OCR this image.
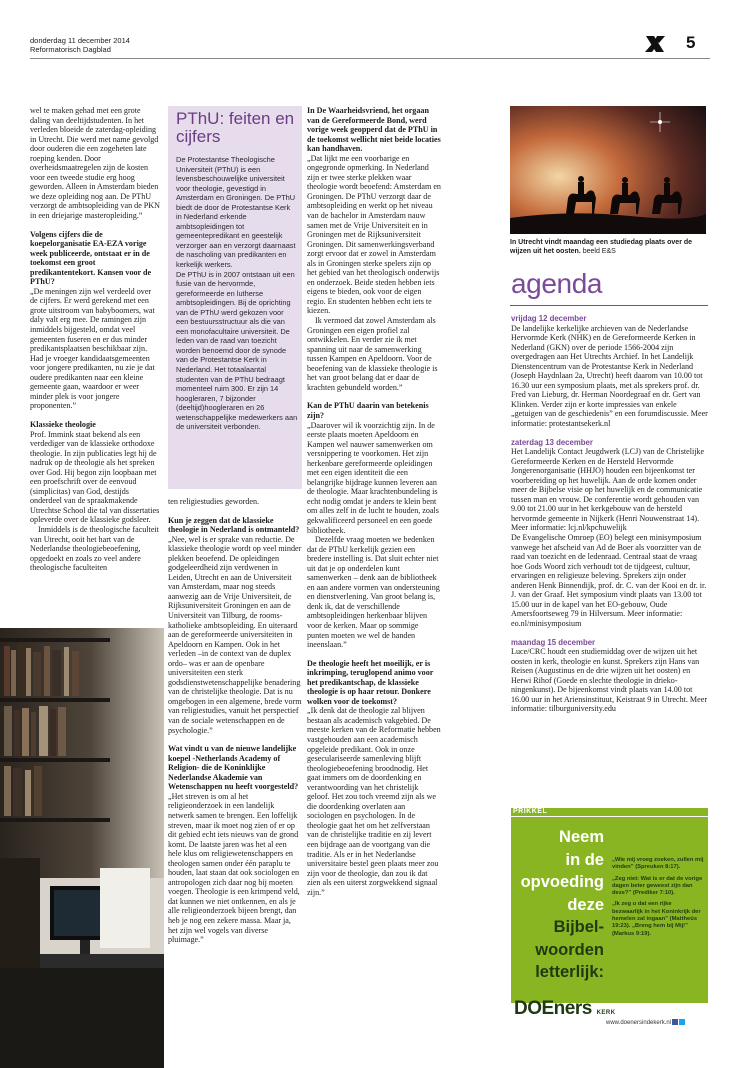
donderdag 11 december 2014
Reformatorisch Dagblad	5

wel te maken gehad met een grote daling van deeltijdstudenten. In het verleden bloeide de zaterdag-opleiding in Utrecht. Die werd met name gevolgd door ouderen die een zogeheten late roeping kenden. Door overheidsmaatregelen zijn de kosten voor een tweede studie erg hoog geworden. Alleen in Amsterdam bieden we deze opleiding nog aan. De PThU verzorgt de ambtsopleiding van de PKN in een driejarige masteropleiding.”

Volgens cijfers die de koepelorganisatie EA-EZA vorige week publiceerde, ontstaat er in de toekomst een groot predikantentekort. Kansen voor de PThU?

„De meningen zijn wel verdeeld over de cijfers. Er werd gerekend met een grote uitstroom van babyboomers, wat daly valt erg mee. De ramingen zijn inmiddels bijgesteld, omdat veel gemeenten fuseren en er dus minder predikantsplaatsen beschikbaar zijn. Had je vroeger kandidaatsgemeenten voor jongere predikanten, nu zie je dat oudere predikanten naar een kleine gemeente gaan, waardoor er weer minder plek is voor jongere proponenten.”

Klassieke theologie

Prof. Immink staat bekend als een verdediger van de klassieke orthodoxe theologie. In zijn publicaties legt hij de nadruk op de theologie als het spreken over God. Hij begon zijn loopbaan met een proefschrift over de eenvoud (simplicitas) van God, destijds onderdeel van de spraakmakende Utrechtse School die tal van dissertaties opleverde over de klassieke godsleer.

Inmiddels is de theologische faculteit van Utrecht, ooit het hart van de Nederlandse theologiebeoefening, opgedoekt en zoals zo veel andere theologische faculteiten

PThU: feiten en cijfers

De Protestantse Theologische Universiteit (PThU) is een levensbeschouwelijke universiteit voor theologie, gevestigd in Amsterdam en Groningen. De PThU biedt de door de Protestantse Kerk in Nederland erkende ambtsopleidingen tot gemeentepredikant en geestelijk verzorger aan en verzorgt daarnaast de nascholing van predikanten en kerkelijk werkers.

De PThU is in 2007 ontstaan uit een fusie van de hervormde, gereformeerde en lutherse ambtsopleidingen. Bij de oprichting van de PThU werd gekozen voor een bestuursstructuur als die van een monofacultaire universiteit. De leden van de raad van toezicht worden benoemd door de synode van de Protestantse Kerk in Nederland. Het totaalaantal studenten van de PThU bedraagt momenteel ruim 300. Er zijn 14 hoogleraren, 7 bijzonder (deeltijd)hoogleraren en 26 wetenschappelijke medewerkers aan de universiteit verbonden.

ten religiestudies geworden.

Kun je zeggen dat de klassieke theologie in Nederland is ontmanteld?

„Nee, wel is er sprake van reductie. De klassieke theologie wordt op veel minder plekken beoefend. De opleidingen godgeleerdheid zijn verdwenen in Leiden, Utrecht en aan de Universiteit van Amsterdam, maar nog steeds aanwezig aan de Vrije Universiteit, de Rijksuniversiteit Groningen en aan de Universiteit van Tilburg, de rooms-katholieke ambtsopleiding. En uiteraard aan de gereformeerde universiteiten in Apeldoorn en Kampen. Ook in het verleden –in de context van de duplex ordo– was er aan de openbare universiteiten een sterk godsdienstwetenschappelijke benadering van de christelijke theologie. Dat is nu omgebogen in een algemene, brede vorm van religiestudies, vanuit het perspectief van de sociale wetenschappen en de psychologie.”

Wat vindt u van de nieuwe landelijke koepel -Netherlands Academy of Religion- die de Koninklijke Nederlandse Akademie van Wetenschappen nu heeft voorgesteld?

„Het streven is om al het religieonderzoek in een landelijk netwerk samen te brengen. Een loffelijk streven, maar ik moet nog zien of er op dit gebied echt iets nieuws van de grond komt. De laatste jaren was het al een hele klus om religiewetenschappers en theologen samen onder één paraplu te houden, laat staan dat ook sociologen en antropologen zich daar nog bij moeten voegen. Theologie is een krimpend veld, dat kunnen we niet ontkennen, en als je alle religieonderzoek bijeen brengt, dan heb je nog een zekere massa. Maar ja, het zijn wel vogels van diverse pluimage.”

In De Waarheidsvriend, het orgaan van de Gereformeerde Bond, werd vorige week geopperd dat de PThU in de toekomst wellicht niet beide locaties kan handhaven.

„Dat lijkt me een voorbarige en ongegronde opmerking. In Nederland zijn er twee sterke plekken waar theologie wordt beoefend: Amsterdam en Groningen. De PThU verzorgt daar de ambtsopleiding en werkt op het niveau van de bachelor in Amsterdam nauw samen met de Vrije Universiteit en in Groningen met de Rijksuniversiteit Groningen. Dit samenwerkingsverband zorgt ervoor dat er zowel in Amsterdam als in Groningen sterke spelers zijn op het gebied van het theologisch onderwijs en onderzoek. Beide steden hebben iets eigens te bieden, ook voor de eigen regio. En studenten hebben echt iets te kiezen.

Ik vermoed dat zowel Amsterdam als Groningen een eigen profiel zal ontwikkelen. En verder zie ik met spanning uit naar de samenwerking tussen Kampen en Apeldoorn. Voor de beoefening van de klassieke theologie is het van groot belang dat er daar de krachten gebundeld worden.”

Kan de PThU daarin van betekenis zijn?

„Daarover wil ik voorzichtig zijn. In de eerste plaats moeten Apeldoorn en Kampen wel nauwer samenwerken om versnippering te voorkomen. Het zijn herkenbare gereformeerde opleidingen met een eigen identiteit die een belangrijke bijdrage kunnen leveren aan de theologie. Maar krachtenbundeling is echt nodig omdat je anders te klein bent om alles zelf in de lucht te houden, zoals gekwalificeerd personeel en een goede bibliotheek.

Dezelfde vraag moeten we bedenken dat de PThU kerkelijk gezien een bredere instelling is. Dat sluit echter niet uit dat je op onderdelen kunt samenwerken – denk aan de bibliotheek en aan andere vormen van ondersteuning en dienstverlening. Van groot belang is, denk ik, dat de verschillende ambtsopleidingen herkenbaar blijven voor de kerken. Maar op sommige punten moeten we wel de handen ineenslaan.”

De theologie heeft het moeilijk, er is inkrimping, teruglopend animo voor het predikantschap, de klassieke theologie is op haar retour. Donkere wolken voor de toekomst?

„Ik denk dat de theologie zal blijven bestaan als academisch vakgebied. De meeste kerken van de Reformatie hebben vastgehouden aan een academisch opgeleide predikant. Ook in onze geseculariseerde samenleving blijft theologiebeoefening broodnodig. Het gaat immers om de doordenking en verantwoording van het christelijk geloof. Het zou toch vreemd zijn als we die doordenking overlaten aan sociologen en psychologen. In de theologie gaat het om het zelfverstaan van de christelijke traditie en zij levert een bijdrage aan de voortgang van die traditie. Als er in het Nederlandse universitaire bestel geen plaats meer zou zijn voor de theologie, dan zou ik dat zien als een uiterst zorgwekkend signaal zijn.”

In Utrecht vindt maandag een studiedag plaats over de wijzen uit het oosten. beeld E&S
agenda

vrijdag 12 december

De landelijke kerkelijke archieven van de Nederlandse Hervormde Kerk (NHK) en de Gereformeerde Kerken in Nederland (GKN) over de periode 1566-2004 zijn overgedragen aan Het Utrechts Archief. In het Landelijk Dienstencentrum van de Protestantse Kerk in Nederland (Joseph Haydnlaan 2a, Utrecht) heeft daarom van 10.00 tot 16.30 uur een symposium plaats, met als sprekers prof. dr. Fred van Lieburg, dr. Herman Noordegraaf en dr. Gert van Klinken. Verder zijn er korte impressies van enkele „getuigen van de geschiedenis” en een forumdiscussie. Meer informatie: protestantsekerk.nl

zaterdag 13 december

Het Landelijk Contact Jeugdwerk (LCJ) van de Christelijke Gereformeerde Kerken en de Hersteld Hervormde Jongerenorganisatie (HHJO) houden een bijeenkomst ter voorbereiding op het huwelijk. Aan de orde komen onder meer de Bijbelse visie op het huwelijk en de communicatie tussen man en vrouw. De conferentie wordt gehouden van 9.00 tot 21.00 uur in het kerkgebouw van de hersteld hervormde gemeente in Nijkerk (Henri Nouwenstraat 14). Meer informatie: lcj.nl/kpchuwelijk

De Evangelische Omroep (EO) belegt een minisymposium vanwege het afscheid van Ad de Boer als voorzitter van de raad van toezicht en de ledenraad. Centraal staat de vraag hoe Gods Woord zich verhoudt tot de tijdgeest, cultuur, ervaringen en religieuze beleving. Sprekers zijn onder anderen Henk Binnendijk, prof. dr. C. van der Kooi en dr. ir. J. van der Graaf. Het symposium vindt plaats van 13.00 tot 15.00 uur in de kapel van het EO-gebouw, Oude Amersfoortseweg 79 in Hilversum. Meer informatie: eo.nl/minisymposium

maandag 15 december

Luce/CRC houdt een studiemiddag over de wijzen uit het oosten in kerk, theologie en kunst. Sprekers zijn Hans van Reisen (Augustinus en de drie wijzen uit het oosten) en Herwi Rihof (Goede en slechte theologie in driekoningenkunst). De bijeenkomst vindt plaats van 14.00 tot 16.00 uur in het Ariensinstituut, Keistraat 9 in Utrecht. Meer informatie: tilburguniversity.edu

PRIKKEL
Neem
in de
opvoeding
deze
Bijbel-
woorden
letterlijk:

„Wie mij vroeg zoeken, zullen mij vinden” (Spreuken 8:17).

„Zeg niet: Wat is er dat de vorige dagen beter geweest zijn dan deze?” (Prediker 7:10).

„Ik zeg u dat een rijke bezwaarlijk in het Koninkrijk der hemelen zal ingaan” (Mattheüs 19:23). „Breng hem bij Mij!” (Markus 9:19).

DOEners KERK
www.doenersindekerk.nl
